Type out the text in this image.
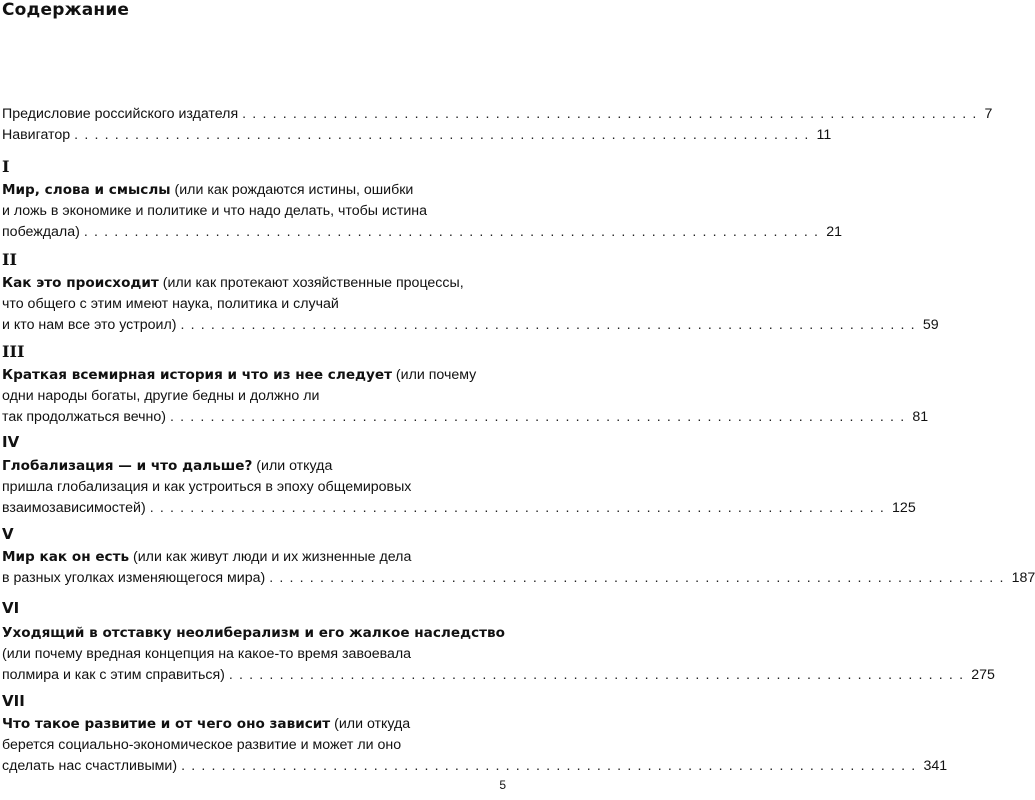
Содержание
Предисловие российского издателя ......................................................................... 7
Навигатор ......................................................................... 11
I
Мир, слова и смыслы (или как рождаются истины, ошибки
и ложь в экономике и политике и что надо делать, чтобы истина
побеждала) ......................................................................... 21
II
Как это происходит (или как протекают хозяйственные процессы,
что общего с этим имеют наука, политика и случай
и кто нам все это устроил) ......................................................................... 59
III
Краткая всемирная история и что из нее следует (или почему
одни народы богаты, другие бедны и должно ли
так продолжаться вечно) ......................................................................... 81
IV
Глобализация — и что дальше? (или откуда
пришла глобализация и как устроиться в эпоху общемировых
взаимозависимостей) ......................................................................... 125
V
Мир как он есть (или как живут люди и их жизненные дела
в разных уголках изменяющегося мира) ......................................................................... 187
VI
Уходящий в отставку неолиберализм и его жалкое наследство
(или почему вредная концепция на какое-то время завоевала
полмира и как с этим справиться) ......................................................................... 275
VII
Что такое развитие и от чего оно зависит (или откуда
берется социально-экономическое развитие и может ли оно
сделать нас счастливыми) ......................................................................... 341
5
